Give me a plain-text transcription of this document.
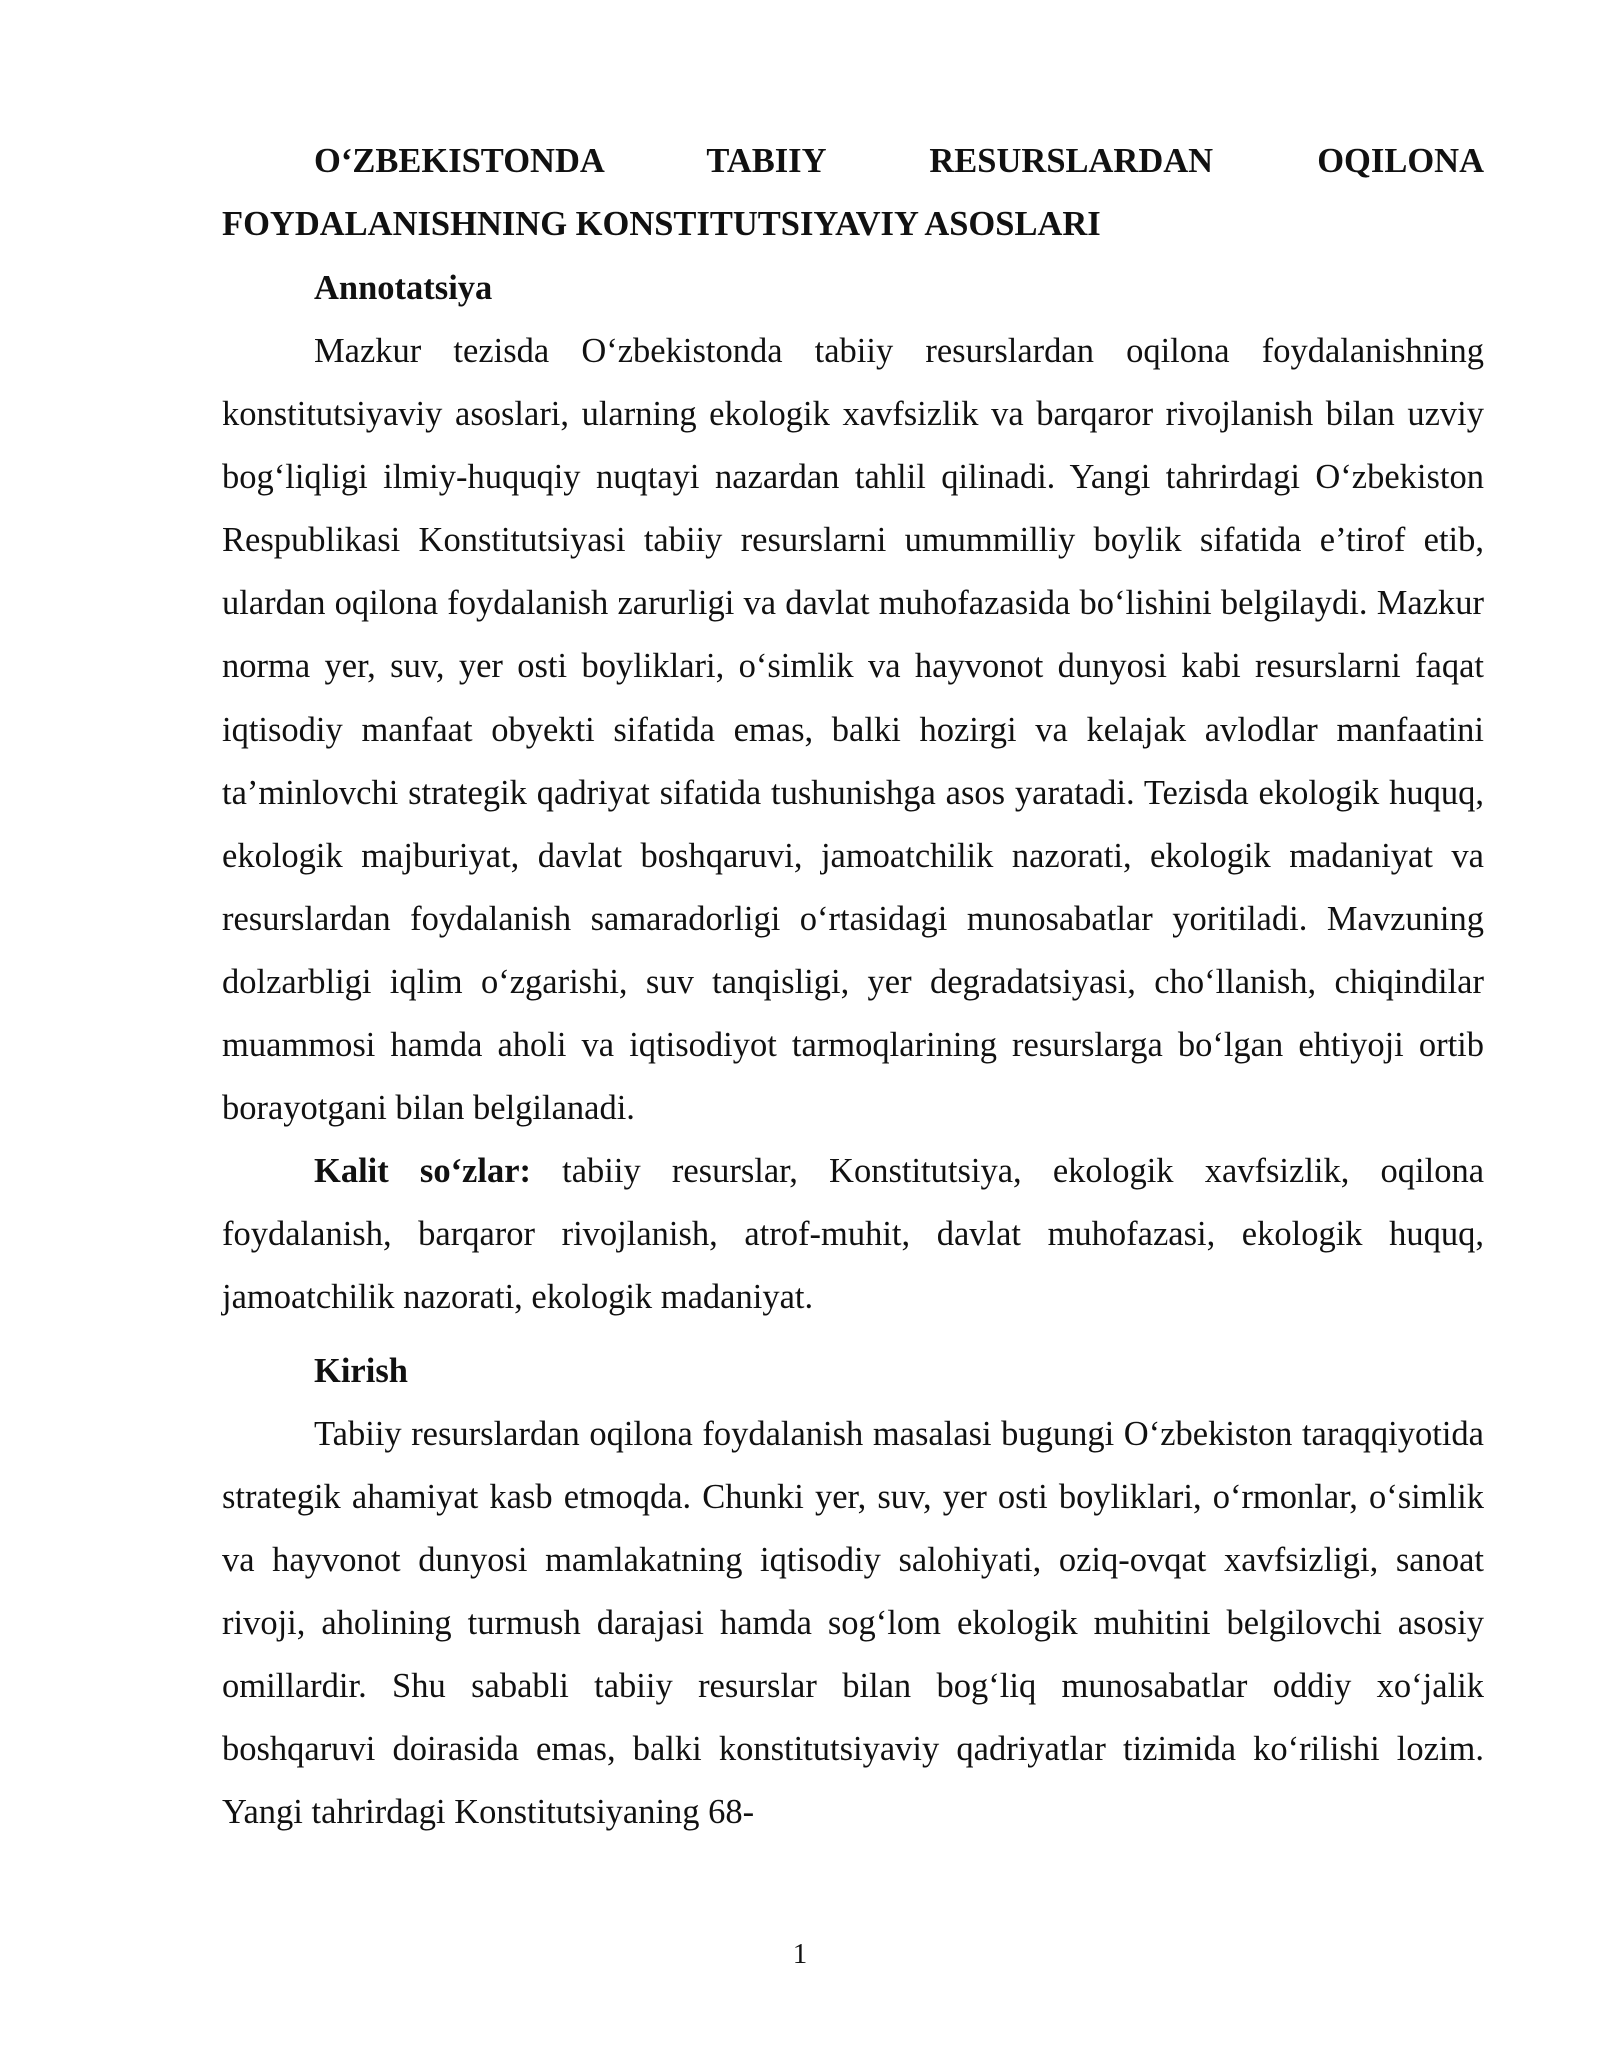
O‘ZBEKISTONDA TABIIY RESURSLARDAN OQILONA
FOYDALANISHNING KONSTITUTSIYAVIY ASOSLARI
Annotatsiya

Mazkur tezisda O‘zbekistonda tabiiy resurslardan oqilona foydalanishning konstitutsiyaviy asoslari, ularning ekologik xavfsizlik va barqaror rivojlanish bilan uzviy bog‘liqligi ilmiy-huquqiy nuqtayi nazardan tahlil qilinadi. Yangi tahrirdagi O‘zbekiston Respublikasi Konstitutsiyasi tabiiy resurslarni umummilliy boylik sifatida e’tirof etib, ulardan oqilona foydalanish zarurligi va davlat muhofazasida bo‘lishini belgilaydi. Mazkur norma yer, suv, yer osti boyliklari, o‘simlik va hayvonot dunyosi kabi resurslarni faqat iqtisodiy manfaat obyekti sifatida emas, balki hozirgi va kelajak avlodlar manfaatini ta’minlovchi strategik qadriyat sifatida tushunishga asos yaratadi. Tezisda ekologik huquq, ekologik majburiyat, davlat boshqaruvi, jamoatchilik nazorati, ekologik madaniyat va resurslardan foydalanish samaradorligi o‘rtasidagi munosabatlar yoritiladi. Mavzuning dolzarbligi iqlim o‘zgarishi, suv tanqisligi, yer degradatsiyasi, cho‘llanish, chiqindilar muammosi hamda aholi va iqtisodiyot tarmoqlarining resurslarga bo‘lgan ehtiyoji ortib borayotgani bilan belgilanadi.

Kalit so‘zlar: tabiiy resurslar, Konstitutsiya, ekologik xavfsizlik, oqilona foydalanish, barqaror rivojlanish, atrof-muhit, davlat muhofazasi, ekologik huquq, jamoatchilik nazorati, ekologik madaniyat.

Kirish

Tabiiy resurslardan oqilona foydalanish masalasi bugungi O‘zbekiston taraqqiyotida strategik ahamiyat kasb etmoqda. Chunki yer, suv, yer osti boyliklari, o‘rmonlar, o‘simlik va hayvonot dunyosi mamlakatning iqtisodiy salohiyati, oziq-ovqat xavfsizligi, sanoat rivoji, aholining turmush darajasi hamda sog‘lom ekologik muhitini belgilovchi asosiy omillardir. Shu sababli tabiiy resurslar bilan bog‘liq munosabatlar oddiy xo‘jalik boshqaruvi doirasida emas, balki konstitutsiyaviy qadriyatlar tizimida ko‘rilishi lozim. Yangi tahrirdagi Konstitutsiyaning 68-

1
